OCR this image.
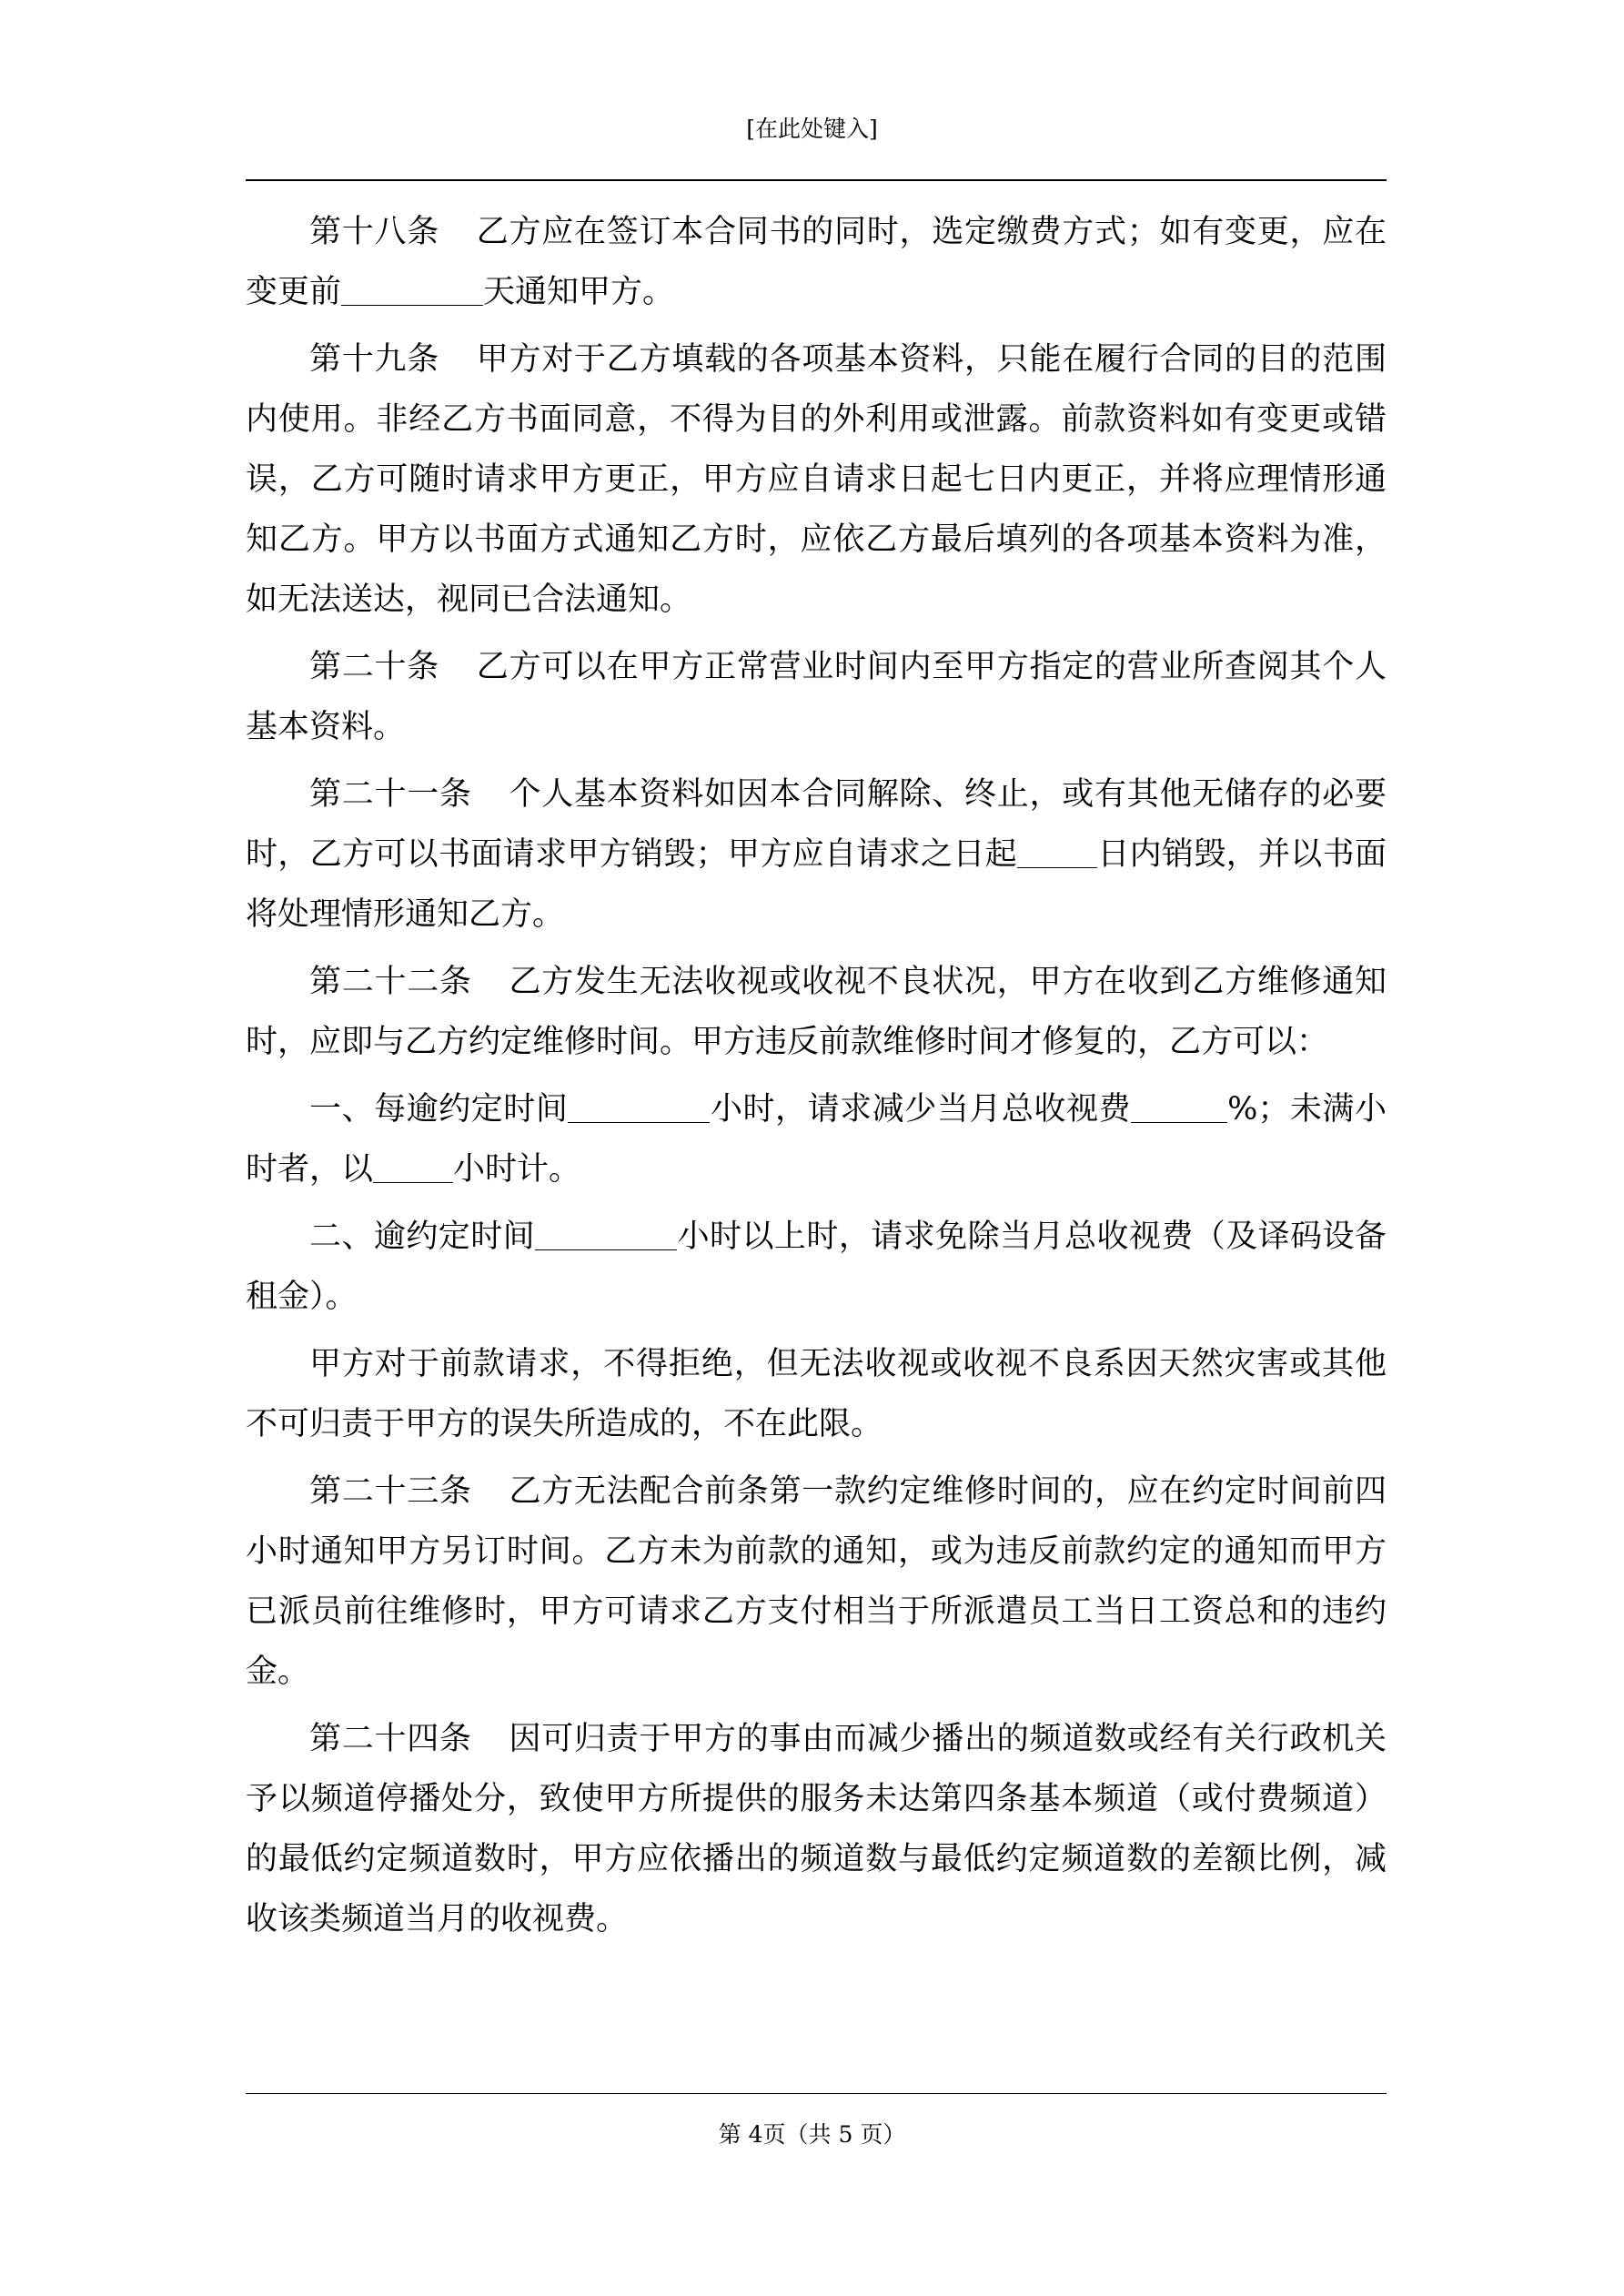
[在此处键入]

第十八条 乙方应在签订本合同书的同时，选定缴费方式；如有变更，应在变更前	天通知甲方。

第十九条 甲方对于乙方填载的各项基本资料，只能在履行合同的目的范围内使用。非经乙方书面同意，不得为目的外利用或泄露。前款资料如有变更或错误，乙方可随时请求甲方更正，甲方应自请求日起七日内更正，并将应理情形通知乙方。甲方以书面方式通知乙方时，应依乙方最后填列的各项基本资料为准，如无法送达，视同已合法通知。

第二十条 乙方可以在甲方正常营业时间内至甲方指定的营业所查阅其个人基本资料。

第二十一条 个人基本资料如因本合同解除、终止，或有其他无储存的必要时，乙方可以书面请求甲方销毁；甲方应自请求之日起	日内销毁，并以书面将处理情形通知乙方。

第二十二条 乙方发生无法收视或收视不良状况，甲方在收到乙方维修通知时，应即与乙方约定维修时间。甲方违反前款维修时间才修复的，乙方可以：

一、每逾约定时间	小时，请求减少当月总收视费	%；未满小时者，以	小时计。

二、逾约定时间	小时以上时，请求免除当月总收视费（及译码设备租金）。

甲方对于前款请求，不得拒绝，但无法收视或收视不良系因天然灾害或其他不可归责于甲方的误失所造成的，不在此限。

第二十三条 乙方无法配合前条第一款约定维修时间的，应在约定时间前四小时通知甲方另订时间。乙方未为前款的通知，或为违反前款约定的通知而甲方已派员前往维修时，甲方可请求乙方支付相当于所派遣员工当日工资总和的违约金。

第二十四条 因可归责于甲方的事由而减少播出的频道数或经有关行政机关予以频道停播处分，致使甲方所提供的服务未达第四条基本频道（或付费频道）的最低约定频道数时，甲方应依播出的频道数与最低约定频道数的差额比例，减收该类频道当月的收视费。

第 4页（共 5 页）
